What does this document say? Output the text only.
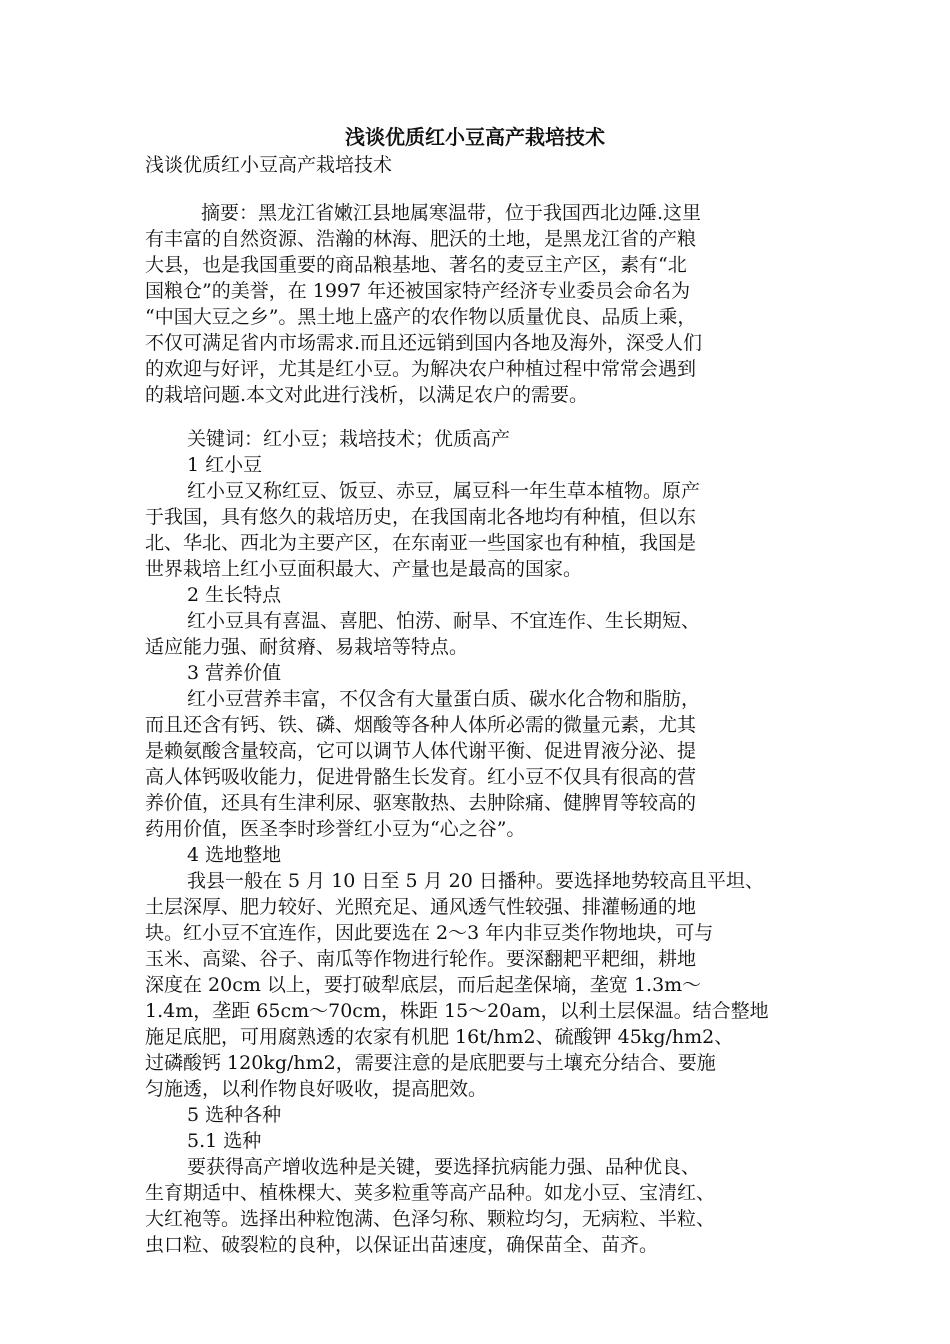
浅谈优质红小豆高产栽培技术
浅谈优质红小豆高产栽培技术
摘要：黑龙江省嫩江县地属寒温带，位于我国西北边陲.这里
有丰富的自然资源、浩瀚的林海、肥沃的土地，是黑龙江省的产粮
大县，也是我国重要的商品粮基地、著名的麦豆主产区，素有“北
国粮仓”的美誉，在 1997 年还被国家特产经济专业委员会命名为
“中国大豆之乡”。黑土地上盛产的农作物以质量优良、品质上乘，
不仅可满足省内市场需求.而且还远销到国内各地及海外，深受人们
的欢迎与好评，尤其是红小豆。为解决农户种植过程中常常会遇到
的栽培问题.本文对此进行浅析，以满足农户的需要。
关键词：红小豆；栽培技术；优质高产
1 红小豆
红小豆又称红豆、饭豆、赤豆，属豆科一年生草本植物。原产
于我国，具有悠久的栽培历史，在我国南北各地均有种植，但以东
北、华北、西北为主要产区，在东南亚一些国家也有种植，我国是
世界栽培上红小豆面积最大、产量也是最高的国家。
2 生长特点
红小豆具有喜温、喜肥、怕涝、耐旱、不宜连作、生长期短、
适应能力强、耐贫瘠、易栽培等特点。
3 营养价值
红小豆营养丰富，不仅含有大量蛋白质、碳水化合物和脂肪，
而且还含有钙、铁、磷、烟酸等各种人体所必需的微量元素，尤其
是赖氨酸含量较高，它可以调节人体代谢平衡、促进胃液分泌、提
高人体钙吸收能力，促进骨骼生长发育。红小豆不仅具有很高的营
养价值，还具有生津利尿、驱寒散热、去肿除痛、健脾胃等较高的
药用价值，医圣李时珍誉红小豆为“心之谷”。
4 选地整地
我县一般在 5 月 10 日至 5 月 20 日播种。要选择地势较高且平坦、
土层深厚、肥力较好、光照充足、通风透气性较强、排灌畅通的地
块。红小豆不宜连作，因此要选在 2～3 年内非豆类作物地块，可与
玉米、高粱、谷子、南瓜等作物进行轮作。要深翻耙平耙细，耕地
深度在 20cm 以上，要打破犁底层，而后起垄保墒，垄宽 1.3m～
1.4m，垄距 65cm～70cm，株距 15～20am，以利土层保温。结合整地
施足底肥，可用腐熟透的农家有机肥 16t/hm2、硫酸钾 45kg/hm2、
过磷酸钙 120kg/hm2，需要注意的是底肥要与土壤充分结合、要施
匀施透，以利作物良好吸收，提高肥效。
5 选种各种
5.1 选种
要获得高产增收选种是关键，要选择抗病能力强、品种优良、
生育期适中、植株棵大、荚多粒重等高产品种。如龙小豆、宝清红、
大红袍等。选择出种粒饱满、色泽匀称、颗粒均匀，无病粒、半粒、
虫口粒、破裂粒的良种，以保证出苗速度，确保苗全、苗齐。
